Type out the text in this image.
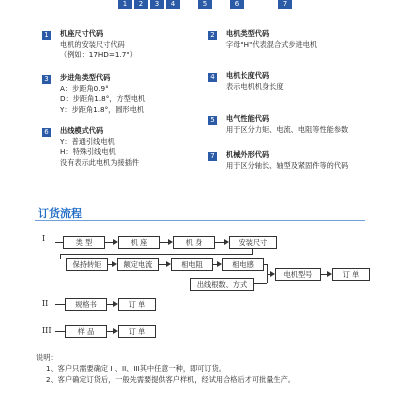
1	2	3	4	5	6	7
1	机座尺寸代码
电机的安装尺寸代码
（例如：17HD=1.7"）
3	步进角类型代码
A：步距角0.9°
D：步距角1.8°，方型电机
Y：步距角1.8°，圆形电机
6	出线模式代码
Y：普通引线电机
H：特殊引线电机
没有表示此电机为接插件
2	电机类型代码
字母"H"代表混合式步进电机
4	电机长度代码
表示电机机身长度
5	电气性能代码
用于区分力矩、电流、电阻等性能参数
7	机械外形代码
用于区分轴长、轴型及紧固件等的代码
订货流程
I
II
III
类 型	机 座	机 身	安装尺寸
保持转矩	额定电流	相电阻	相电感
出线根数、方式
电机型号	订 单
规格书	订 单
样 品	订 单
说明：
1、客户只需要确定 I 、II、III其中任意一种，即可订货。
2、客户确定订货后，一般先需要提供客户样机，经试用合格后才可批量生产。
